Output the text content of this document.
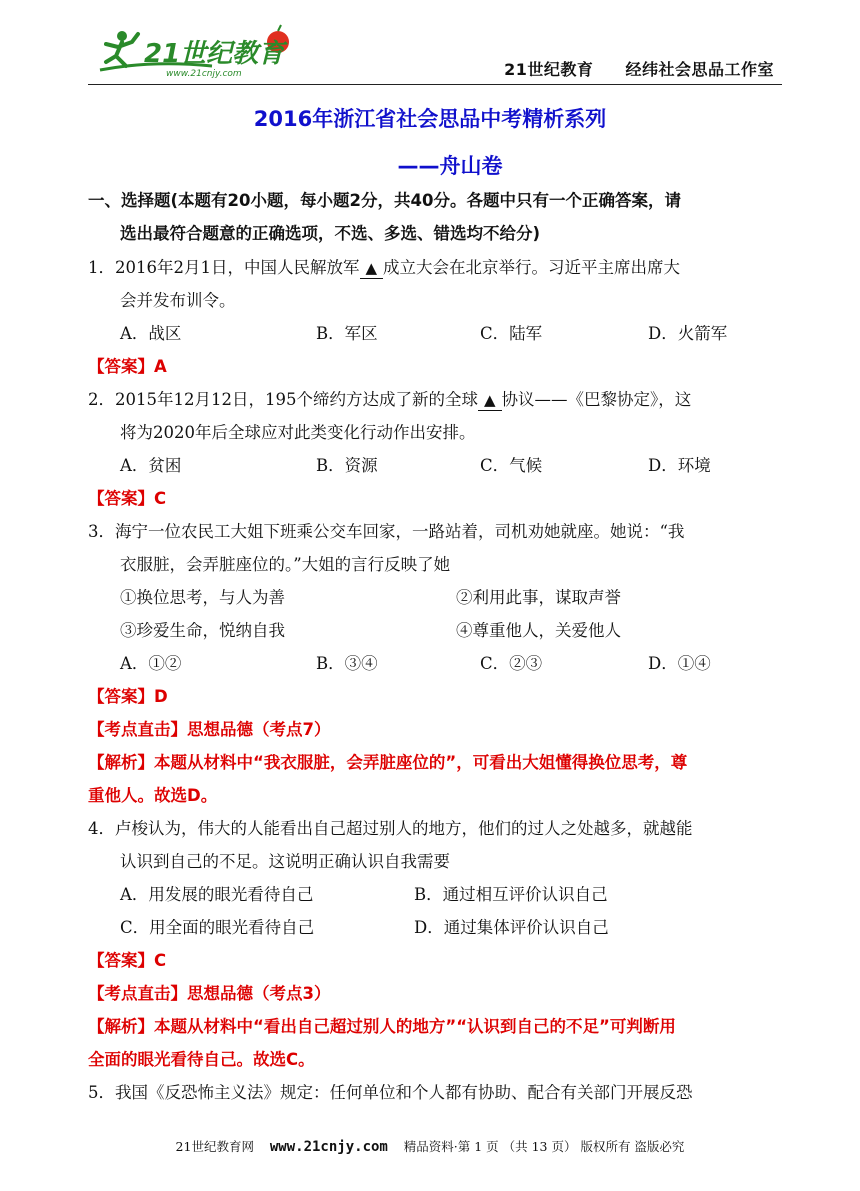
21世纪教育
www.21cnjy.com	21世纪教育 经纬社会思品工作室
2016年浙江省社会思品中考精析系列
——舟山卷
一、选择题(本题有20小题，每小题2分，共40分。各题中只有一个正确答案，请
选出最符合题意的正确选项，不选、多选、错选均不给分)
1．2016年2月1日，中国人民解放军 ▲ 成立大会在北京举行。习近平主席出席大
会并发布训令。
A．战区	B．军区	C．陆军	D．火箭军
【答案】A
2．2015年12月12日，195个缔约方达成了新的全球 ▲ 协议——《巴黎协定》，这
将为2020年后全球应对此类变化行动作出安排。
A．贫困	B．资源	C．气候	D．环境
【答案】C
3．海宁一位农民工大姐下班乘公交车回家，一路站着，司机劝她就座。她说：“我
衣服脏，会弄脏座位的。”大姐的言行反映了她
①换位思考，与人为善	②利用此事，谋取声誉
③珍爱生命，悦纳自我	④尊重他人，关爱他人
A．①②	B．③④	C．②③	D．①④
【答案】D
【考点直击】思想品德（考点7）
【解析】本题从材料中“我衣服脏，会弄脏座位的”，可看出大姐懂得换位思考，尊
重他人。故选D。
4．卢梭认为，伟大的人能看出自己超过别人的地方，他们的过人之处越多，就越能
认识到自己的不足。这说明正确认识自我需要
A．用发展的眼光看待自己	B．通过相互评价认识自己
C．用全面的眼光看待自己	D．通过集体评价认识自己
【答案】C
【考点直击】思想品德（考点3）
【解析】本题从材料中“看出自己超过别人的地方”“认识到自己的不足”可判断用
全面的眼光看待自己。故选C。
5．我国《反恐怖主义法》规定：任何单位和个人都有协助、配合有关部门开展反恐
21世纪教育网 www.21cnjy.com 精品资料·第 1 页 （共 13 页） 版权所有 盗版必究
